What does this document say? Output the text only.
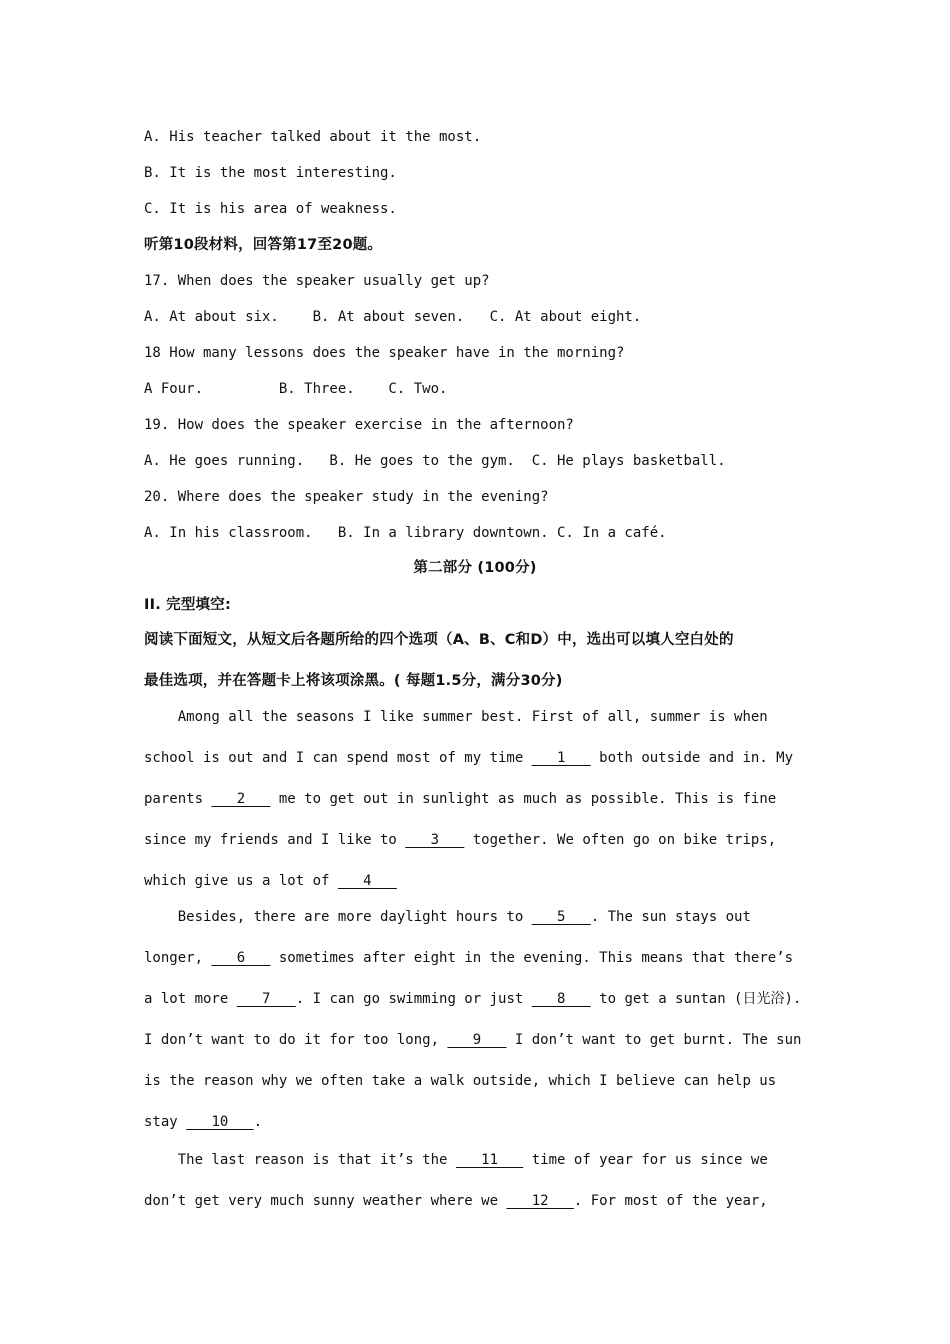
A. His teacher talked about it the most.
B. It is the most interesting.
C. It is his area of weakness.
听第10段材料，回答第17至20题。
17. When does the speaker usually get up?
A. At about six.    B. At about seven.   C. At about eight.
18 How many lessons does the speaker have in the morning?
A Four.         B. Three.    C. Two.
19. How does the speaker exercise in the afternoon?
A. He goes running.   B. He goes to the gym.  C. He plays basketball.
20. Where does the speaker study in the evening?
A. In his classroom.   B. In a library downtown. C. In a café.
第二部分 (100分)
II. 完型填空:
阅读下面短文，从短文后各题所给的四个选项（A、B、C和D）中，选出可以填人空白处的
最佳选项，并在答题卡上将该项涂黑。( 每题1.5分，满分30分)
Among all the seasons I like summer best. First of all, summer is when
school is out and I can spend most of my time    1    both outside and in. My
parents    2    me to get out in sunlight as much as possible. This is fine
since my friends and I like to    3    together. We often go on bike trips,
which give us a lot of    4
Besides, there are more daylight hours to    5   . The sun stays out
longer,    6    sometimes after eight in the evening. This means that there’s
a lot more    7   . I can go swimming or just    8    to get a suntan (日光浴).
I don’t want to do it for too long,    9    I don’t want to get burnt. The sun
is the reason why we often take a walk outside, which I believe can help us
stay    10   .
The last reason is that it’s the    11    time of year for us since we
don’t get very much sunny weather where we    12   . For most of the year,
